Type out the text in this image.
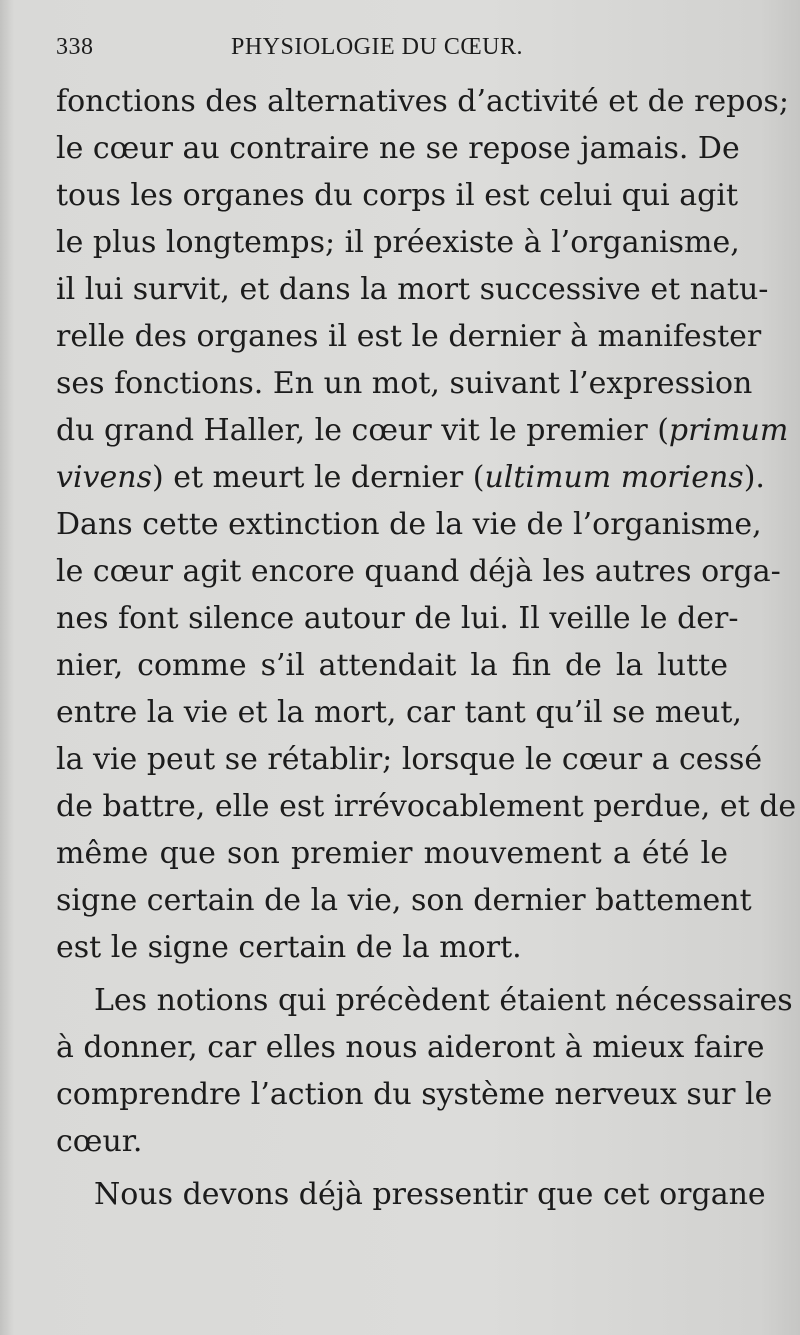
338	PHYSIOLOGIE DU CŒUR.
fonctions des alternatives d’activité et de repos;
le cœur au contraire ne se repose jamais. De
tous les organes du corps il est celui qui agit
le plus longtemps; il préexiste à l’organisme,
il lui survit, et dans la mort successive et natu-
relle des organes il est le dernier à manifester
ses fonctions. En un mot, suivant l’expression
du grand Haller, le cœur vit le premier (primum
vivens) et meurt le dernier (ultimum moriens).
Dans cette extinction de la vie de l’organisme,
le cœur agit encore quand déjà les autres orga-
nes font silence autour de lui. Il veille le der-
nier, comme s’il attendait la fin de la lutte
entre la vie et la mort, car tant qu’il se meut,
la vie peut se rétablir; lorsque le cœur a cessé
de battre, elle est irrévocablement perdue, et de
même que son premier mouvement a été le
signe certain de la vie, son dernier battement
est le signe certain de la mort.
Les notions qui précèdent étaient nécessaires
à donner, car elles nous aideront à mieux faire
comprendre l’action du système nerveux sur le
cœur.
Nous devons déjà pressentir que cet organe
